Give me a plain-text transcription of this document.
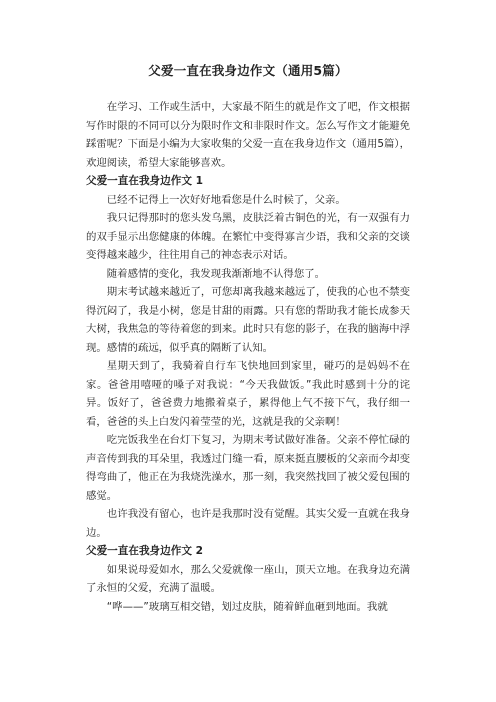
父爱一直在我身边作文（通用5篇）

在学习、工作或生活中，大家最不陌生的就是作文了吧，作文根据写作时限的不同可以分为限时作文和非限时作文。怎么写作文才能避免踩雷呢？下面是小编为大家收集的父爱一直在我身边作文（通用5篇），欢迎阅读，希望大家能够喜欢。

父爱一直在我身边作文 1

已经不记得上一次好好地看您是什么时候了，父亲。

我只记得那时的您头发乌黑，皮肤泛着古铜色的光，有一双强有力的双手显示出您健康的体魄。在繁忙中变得寡言少语，我和父亲的交谈变得越来越少，往往用自己的神态表示对话。

随着感情的变化，我发现我渐渐地不认得您了。

期末考试越来越近了，可您却离我越来越远了，使我的心也不禁变得沉闷了，我是小树，您是甘甜的雨露。只有您的帮助我才能长成参天大树，我焦急的等待着您的到来。此时只有您的影子，在我的脑海中浮现。感情的疏远，似乎真的隔断了认知。

星期天到了，我骑着自行车飞快地回到家里，碰巧的是妈妈不在家。爸爸用嘻哑的嗓子对我说：“今天我做饭。”我此时感到十分的诧异。饭好了，爸爸费力地搬着桌子，累得他上气不接下气，我仔细一看，爸爸的头上白发闪着莹莹的光，这就是我的父亲啊！

吃完饭我坐在台灯下复习，为期末考试做好准备。父亲不停忙碌的声音传到我的耳朵里，我透过门缝一看，原来挺直腰板的父亲而今却变得弯曲了，他正在为我烧洗澡水，那一刻，我突然找回了被父爱包围的感觉。

也许我没有留心，也许是我那时没有觉醒。其实父爱一直就在我身边。

父爱一直在我身边作文 2

如果说母爱如水，那么父爱就像一座山，顶天立地。在我身边充满了永恒的父爱，充满了温暖。

“哗——”玻璃互相交错，划过皮肤，随着鲜血砸到地面。我就
